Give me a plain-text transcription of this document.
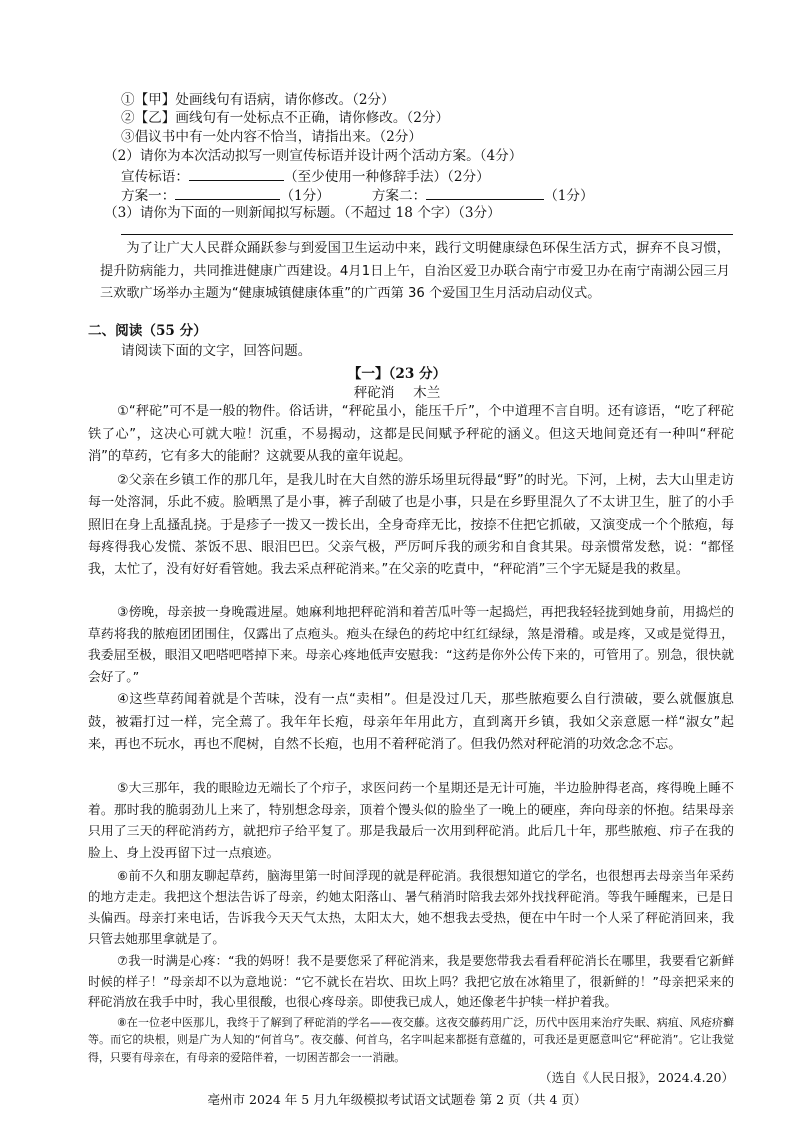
①【甲】处画线句有语病，请你修改。（2分）
②【乙】画线句有一处标点不正确，请你修改。（2分）
③倡议书中有一处内容不恰当，请指出来。（2分）
（2）请你为本次活动拟写一则宣传标语并设计两个活动方案。（4分）
宣传标语：	（至少使用一种修辞手法）（2分）
方案一：	（1分）	方案二：	（1分）
（3）请你为下面的一则新闻拟写标题。（不超过 18 个字）（3分）
为了让广大人民群众踊跃参与到爱国卫生运动中来，践行文明健康绿色环保生活方式，摒弃不良习惯，提升防病能力，共同推进健康广西建设。4月1日上午，自治区爱卫办联合南宁市爱卫办在南宁南湖公园三月三欢歌广场举办主题为“健康城镇健康体重”的广西第 36 个爱国卫生月活动启动仪式。
二、阅读（55 分）
请阅读下面的文字，回答问题。
【一】（23 分）
秤砣消 木兰
①“秤砣”可不是一般的物件。俗话讲，“秤砣虽小，能压千斤”，个中道理不言自明。还有谚语，“吃了秤砣铁了心”，这决心可就大啦！沉重，不易揭动，这都是民间赋予秤砣的涵义。但这天地间竟还有一种叫“秤砣消”的草药，它有多大的能耐？这就要从我的童年说起。
②父亲在乡镇工作的那几年，是我儿时在大自然的游乐场里玩得最“野”的时光。下河，上树，去大山里走访每一处溶洞，乐此不疲。脸晒黑了是小事，裤子刮破了也是小事，只是在乡野里混久了不太讲卫生，脏了的小手照旧在身上乱搔乱挠。于是疹子一拨又一拨长出，全身奇痒无比，按捺不住把它抓破，又演变成一个个脓疱，每每疼得我心发慌、茶饭不思、眼泪巴巴。父亲气极，严厉呵斥我的顽劣和自食其果。母亲惯常发愁，说：“都怪我，太忙了，没有好好看管她。我去采点秤砣消来。”在父亲的吃責中，“秤砣消”三个字无疑是我的救星。
③傍晚，母亲披一身晚霞进屋。她麻利地把秤砣消和着苦瓜叶等一起捣烂，再把我轻轻拢到她身前，用捣烂的草药将我的脓疱团团围住，仅露出了点疱头。疱头在绿色的药坨中红红绿绿，煞是滑稽。或是疼，又或是觉得丑，我委屈至极，眼泪又吧嗒吧嗒掉下来。母亲心疼地低声安慰我：“这药是你外公传下来的，可管用了。别急，很快就会好了。”
④这些草药闻着就是个苦味，没有一点“卖相”。但是没过几天，那些脓疱要么自行溃破，要么就偃旗息鼓，被霜打过一样，完全蔫了。我年年长疱，母亲年年用此方，直到离开乡镇，我如父亲意愿一样“淑女”起来，再也不玩水，再也不爬树，自然不长疱，也用不着秤砣消了。但我仍然对秤砣消的功效念念不忘。
⑤大三那年，我的眼睑边无端长了个疖子，求医问药一个星期还是无计可施，半边脸肿得老高，疼得晚上睡不着。那时我的脆弱劲儿上来了，特别想念母亲，顶着个馒头似的脸坐了一晚上的硬座，奔向母亲的怀抱。结果母亲只用了三天的秤砣消药方，就把疖子给平复了。那是我最后一次用到秤砣消。此后几十年，那些脓疱、疖子在我的脸上、身上没再留下过一点痕迹。
⑥前不久和朋友聊起草药，脑海里第一时间浮现的就是秤砣消。我很想知道它的学名，也很想再去母亲当年采药的地方走走。我把这个想法告诉了母亲，约她太阳落山、暑气稍消时陪我去郊外找找秤砣消。等我午睡醒来，已是日头偏西。母亲打来电话，告诉我今天天气太热，太阳太大，她不想我去受热，便在中午时一个人采了秤砣消回来，我只管去她那里拿就是了。
⑦我一时满是心疼：“我的妈呀！我不是要您采了秤砣消来，我是要您带我去看看秤砣消长在哪里，我要看它新鲜时候的样子！”母亲却不以为意地说：“它不就长在岩坎、田坎上吗？我把它放在冰箱里了，很新鲜的！”母亲把采来的秤砣消放在我手中时，我心里很酸，也很心疼母亲。即使我已成人，她还像老牛护犊一样护着我。
⑧在一位老中医那儿，我终于了解到了秤砣消的学名——夜交藤。这夜交藤药用广泛，历代中医用来治疗失眠、病疽、风疮疥癣等。而它的块根，则是广为人知的“何首乌”。夜交藤、何首乌，名字叫起来都挺有意蕴的，可我还是更愿意叫它“秤砣消”。它让我觉得，只要有母亲在，有母亲的爱陪伴着，一切困苦都会一一消融。
（选自《人民日报》，2024.4.20）
亳州市 2024 年 5 月九年级模拟考试语文试题卷 第 2 页（共 4 页）
